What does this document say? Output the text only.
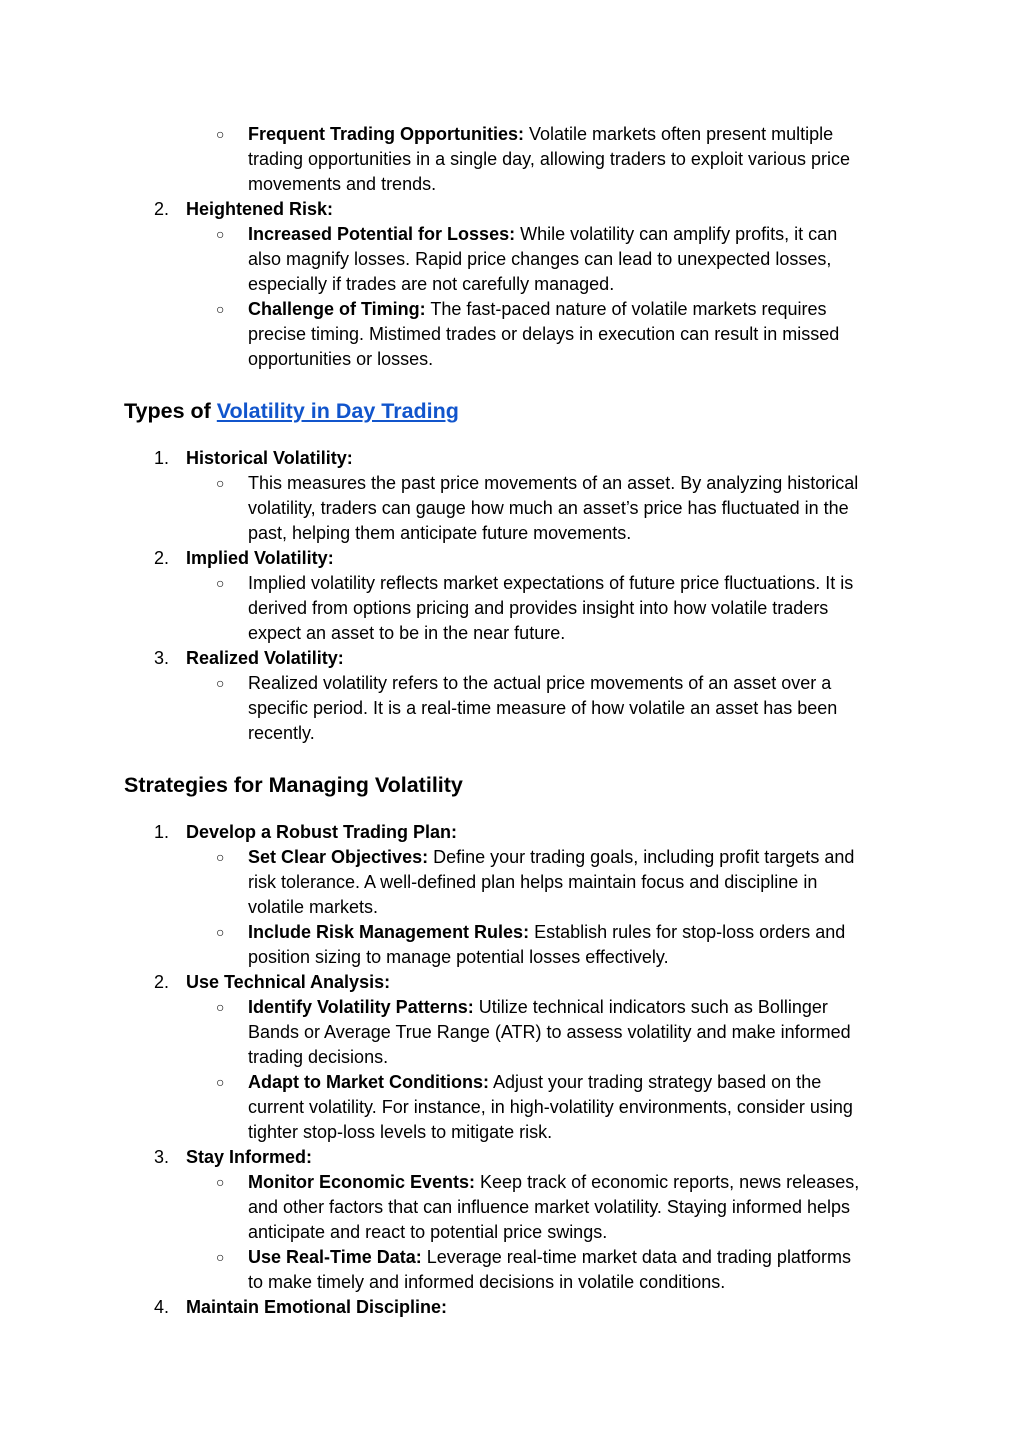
○ Frequent Trading Opportunities: Volatile markets often present multiple
trading opportunities in a single day, allowing traders to exploit various price
movements and trends.
2. Heightened Risk:
○ Increased Potential for Losses: While volatility can amplify profits, it can
also magnify losses. Rapid price changes can lead to unexpected losses,
especially if trades are not carefully managed.
○ Challenge of Timing: The fast-paced nature of volatile markets requires
precise timing. Mistimed trades or delays in execution can result in missed
opportunities or losses.
Types of Volatility in Day Trading
1. Historical Volatility:
○ This measures the past price movements of an asset. By analyzing historical
volatility, traders can gauge how much an asset’s price has fluctuated in the
past, helping them anticipate future movements.
2. Implied Volatility:
○ Implied volatility reflects market expectations of future price fluctuations. It is
derived from options pricing and provides insight into how volatile traders
expect an asset to be in the near future.
3. Realized Volatility:
○ Realized volatility refers to the actual price movements of an asset over a
specific period. It is a real-time measure of how volatile an asset has been
recently.
Strategies for Managing Volatility
1. Develop a Robust Trading Plan:
○ Set Clear Objectives: Define your trading goals, including profit targets and
risk tolerance. A well-defined plan helps maintain focus and discipline in
volatile markets.
○ Include Risk Management Rules: Establish rules for stop-loss orders and
position sizing to manage potential losses effectively.
2. Use Technical Analysis:
○ Identify Volatility Patterns: Utilize technical indicators such as Bollinger
Bands or Average True Range (ATR) to assess volatility and make informed
trading decisions.
○ Adapt to Market Conditions: Adjust your trading strategy based on the
current volatility. For instance, in high-volatility environments, consider using
tighter stop-loss levels to mitigate risk.
3. Stay Informed:
○ Monitor Economic Events: Keep track of economic reports, news releases,
and other factors that can influence market volatility. Staying informed helps
anticipate and react to potential price swings.
○ Use Real-Time Data: Leverage real-time market data and trading platforms
to make timely and informed decisions in volatile conditions.
4. Maintain Emotional Discipline:
